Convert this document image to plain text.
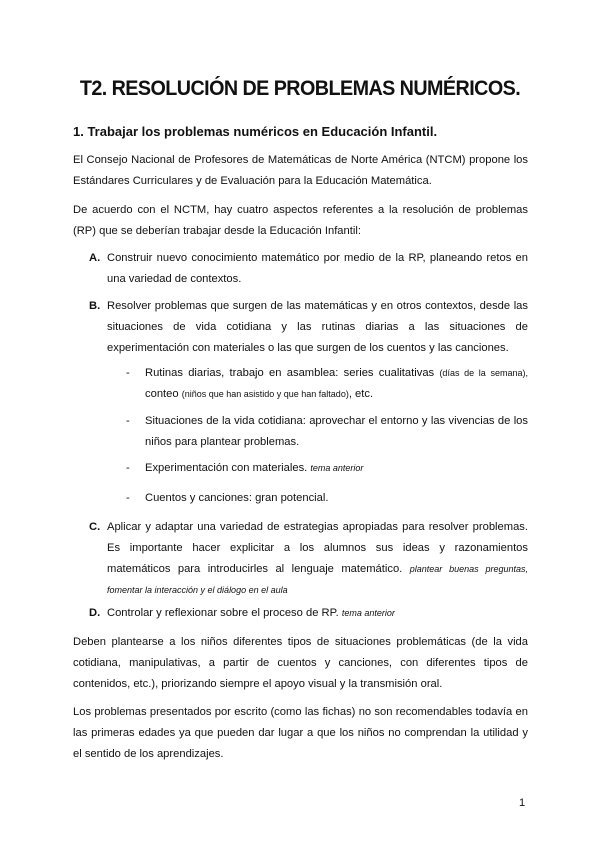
T2. RESOLUCIÓN DE PROBLEMAS NUMÉRICOS.
1. Trabajar los problemas numéricos en Educación Infantil.

El Consejo Nacional de Profesores de Matemáticas de Norte América (NTCM) propone los Estándares Curriculares y de Evaluación para la Educación Matemática.

De acuerdo con el NCTM, hay cuatro aspectos referentes a la resolución de problemas (RP) que se deberían trabajar desde la Educación Infantil:

A. Construir nuevo conocimiento matemático por medio de la RP, planeando retos en una variedad de contextos.
B. Resolver problemas que surgen de las matemáticas y en otros contextos, desde las situaciones de vida cotidiana y las rutinas diarias a las situaciones de experimentación con materiales o las que surgen de los cuentos y las canciones.
- Rutinas diarias, trabajo en asamblea: series cualitativas (días de la semana), conteo (niños que han asistido y que han faltado), etc.
- Situaciones de la vida cotidiana: aprovechar el entorno y las vivencias de los niños para plantear problemas.
- Experimentación con materiales. tema anterior
- Cuentos y canciones: gran potencial.
C. Aplicar y adaptar una variedad de estrategias apropiadas para resolver problemas. Es importante hacer explicitar a los alumnos sus ideas y razonamientos matemáticos para introducirles al lenguaje matemático. plantear buenas preguntas, fomentar la interacción y el diálogo en el aula
D. Controlar y reflexionar sobre el proceso de RP. tema anterior

Deben plantearse a los niños diferentes tipos de situaciones problemáticas (de la vida cotidiana, manipulativas, a partir de cuentos y canciones, con diferentes tipos de contenidos, etc.), priorizando siempre el apoyo visual y la transmisión oral.

Los problemas presentados por escrito (como las fichas) no son recomendables todavía en las primeras edades ya que pueden dar lugar a que los niños no comprendan la utilidad y el sentido de los aprendizajes.

1
